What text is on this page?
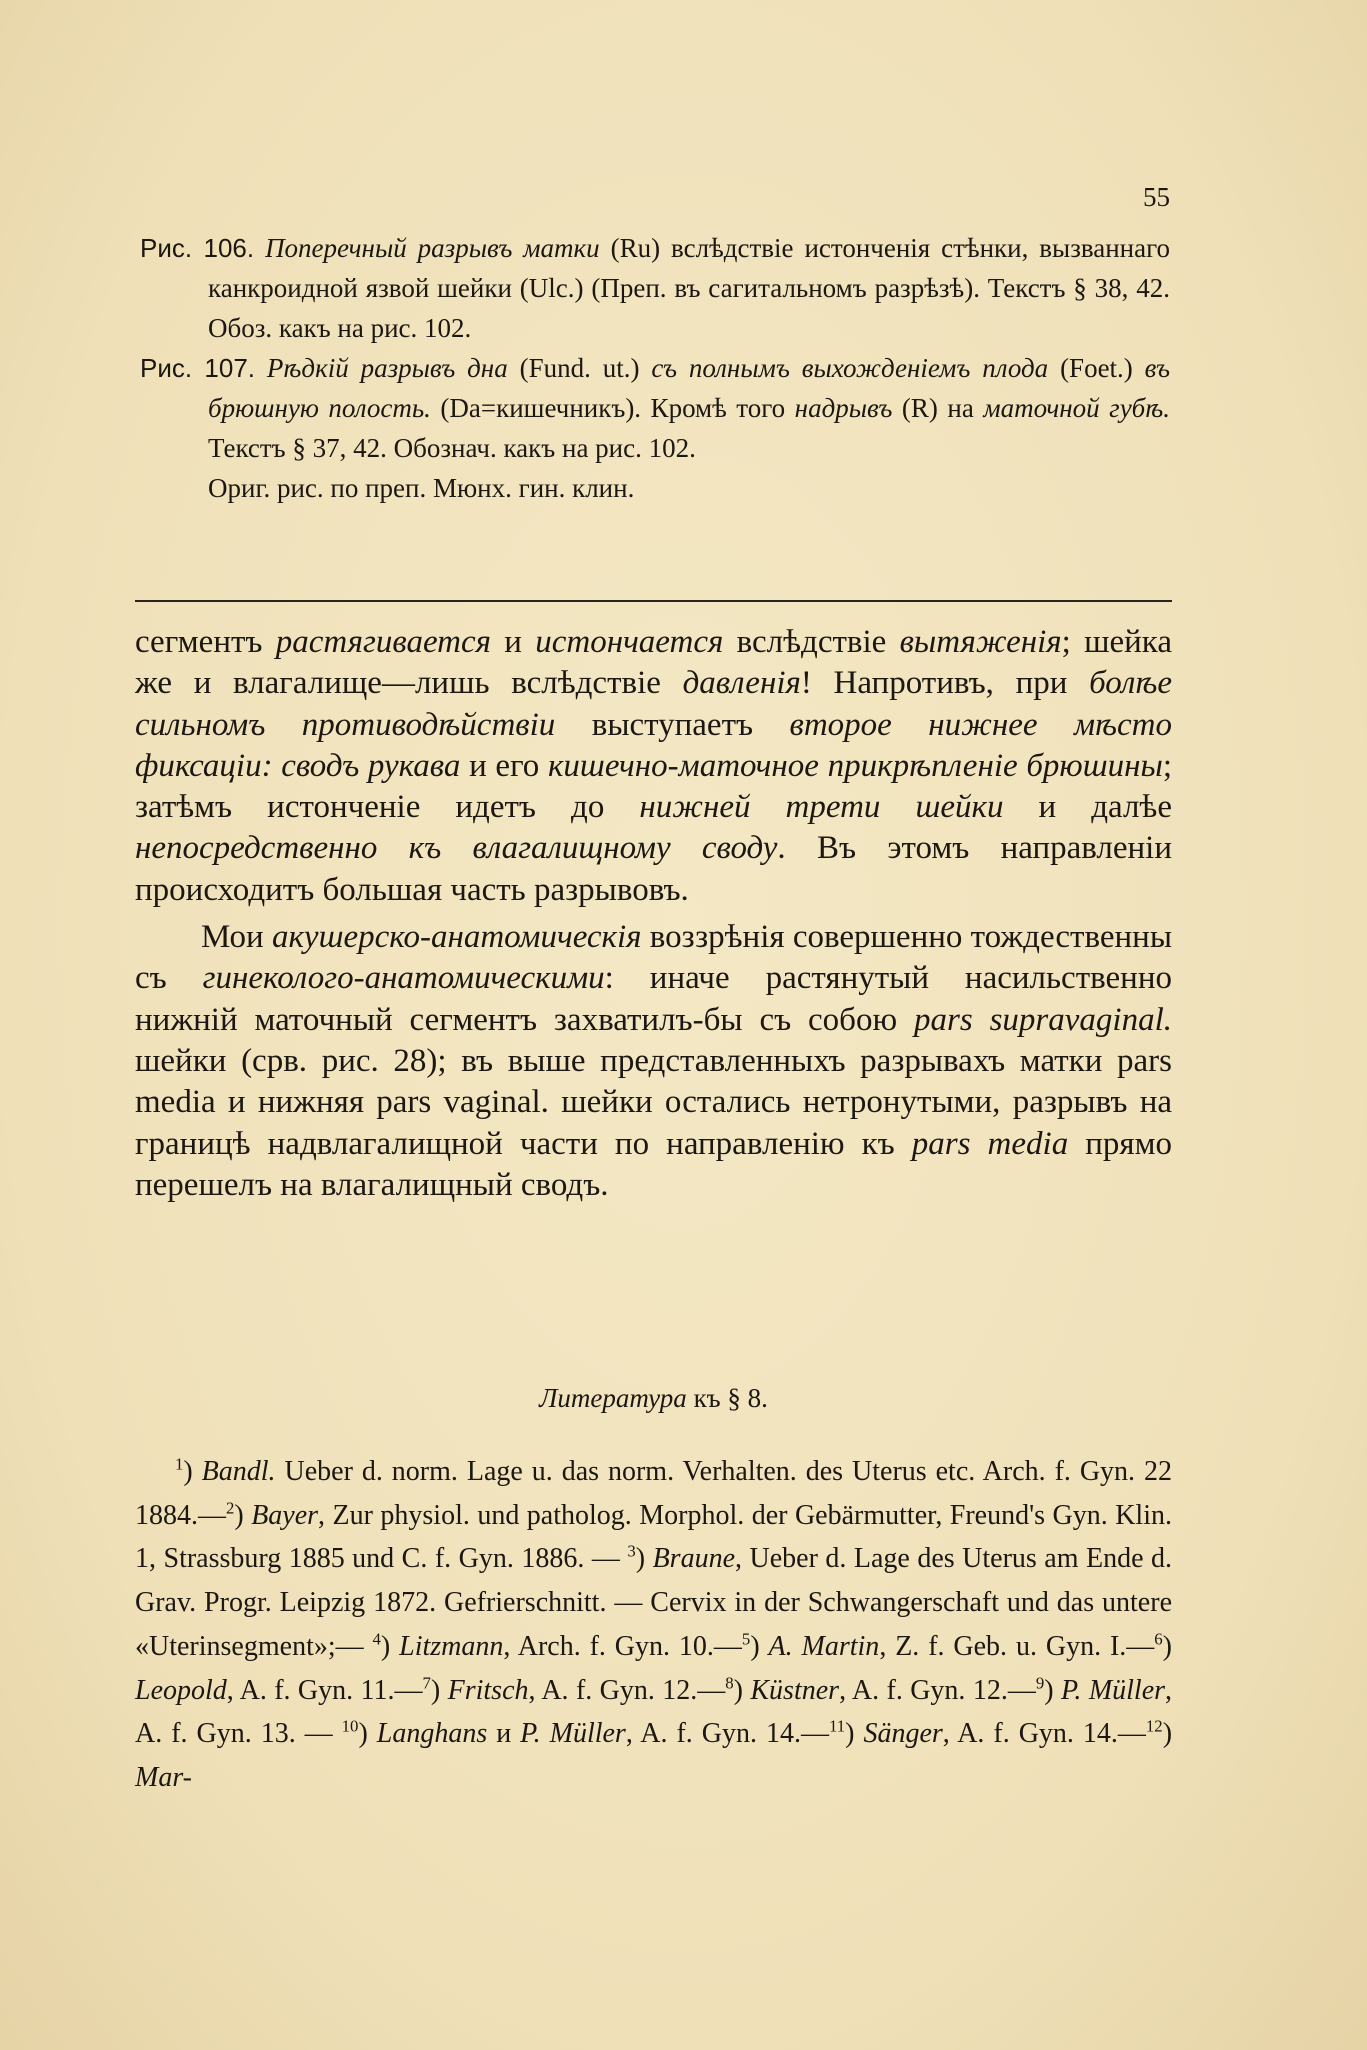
55

Рис. 106. Поперечный разрывъ матки (Ru) вслѣдствіе истонченія стѣнки, вызваннаго канкроидной язвой шейки (Ulc.) (Преп. въ сагитальномъ разрѣзѣ). Текстъ § 38, 42. Обоз. какъ на рис. 102.

Рис. 107. Рѣдкій разрывъ дна (Fund. ut.) съ полнымъ выхожденіемъ плода (Foet.) въ брюшную полость. (Da=кишечникъ). Кромѣ того надрывъ (R) на маточной губѣ. Текстъ § 37, 42. Обознач. какъ на рис. 102.

Ориг. рис. по преп. Мюнх. гин. клин.

сегментъ растягивается и истончается вслѣдствіе вытяженія; шейка же и влагалище—лишь вслѣдствіе давленія! Напротивъ, при болѣе сильномъ противодѣйствіи выступаетъ второе нижнее мѣсто фиксаціи: сводъ рукава и его кишечно-маточное прикрѣпленіе брюшины; затѣмъ истонченіе идетъ до нижней трети шейки и далѣе непосредственно къ влагалищному своду. Въ этомъ направленіи происходитъ большая часть разрывовъ.

Мои акушерско-анатомическія воззрѣнія совершенно тождественны съ гинеколого-анатомическими: иначе растянутый насильственно нижній маточный сегментъ захватилъ-бы съ собою pars supravaginal. шейки (срв. рис. 28); въ выше представленныхъ разрывахъ матки pars media и нижняя pars vaginal. шейки остались нетронутыми, разрывъ на границѣ надвлагалищной части по направленію къ pars media прямо перешелъ на влагалищный сводъ.

Литература къ § 8.

$^1$) Bandl. Ueber d. norm. Lage u. das norm. Verhalten. des Uterus etc. Arch. f. Gyn. 22 1884.—$^2$) Bayer, Zur physiol. und patholog. Morphol. der Gebärmutter, Freund's Gyn. Klin. 1, Strassburg 1885 und C. f. Gyn. 1886. — $^3$) Braune, Ueber d. Lage des Uterus am Ende d. Grav. Progr. Leipzig 1872. Gefrierschnitt. — Cervix in der Schwangerschaft und das untere «Uterinsegment»;— $^4$) Litzmann, Arch. f. Gyn. 10.—$^5$) A. Martin, Z. f. Geb. u. Gyn. I.—$^6$) Leopold, A. f. Gyn. 11.—$^7$) Fritsch, A. f. Gyn. 12.—$^8$) Küstner, A. f. Gyn. 12.—$^9$) P. Müller, A. f. Gyn. 13. — $^{10}$) Langhans и P. Müller, A. f. Gyn. 14.—$^{11}$) Sänger, A. f. Gyn. 14.—$^{12}$) Mar-
